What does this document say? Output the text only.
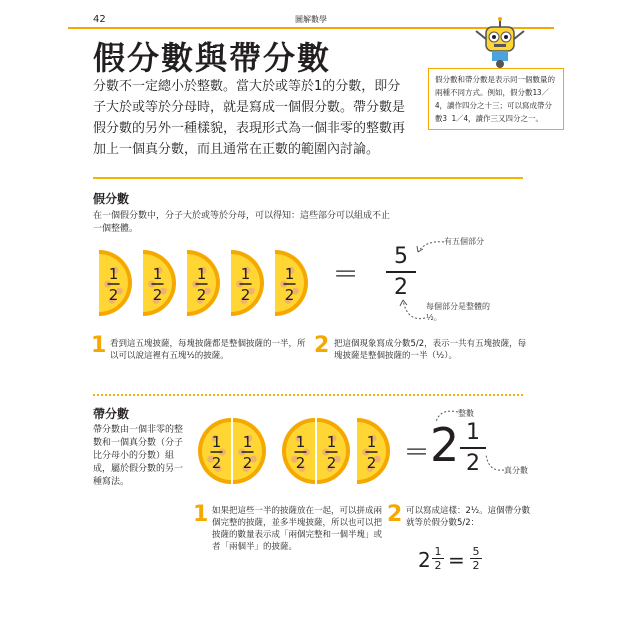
42	圖解數學
假分數與帶分數
分數不一定總小於整數。當大於或等於1的分數，即分子大於或等於分母時，就是寫成一個假分數。帶分數是假分數的另外一種樣貌，表現形式為一個非零的整數再加上一個真分數，而且通常在正數的範圍內討論。
假分數和帶分數是表示同一個數量的兩種不同方式。例如，假分數13／4，讀作四分之十三；可以寫成帶分數3 1／4，讀作三又四分之一。
假分數
在一個假分數中，分子大於或等於分母，可以得知：這些部分可以組成不止一個整體。
1
2
1
2
1
2
1
2
1
2
=	5
2
有五個部分
每個部分是整體的½。
1 看到這五塊披薩，每塊披薩都是整個披薩的一半，所以可以說這裡有五塊½的披薩。	2 把這個現象寫成分數5/2，表示一共有五塊披薩，每塊披薩是整個披薩的一半（½）。
帶分數
帶分數由一個非零的整數和一個真分數（分子比分母小的分數）組成，屬於假分數的另一種寫法。
1
2
1
2
1
2
1
2
1
2 = 2 1
2
整數
真分數
1 如果把這些一半的披薩放在一起，可以拼成兩個完整的披薩，並多半塊披薩，所以也可以把披薩的數量表示成「兩個完整和一個半塊」或者「兩個半」的披薩。
2 可以寫成這樣：2½。這個帶分數就等於假分數5/2：
2 1
2 = 5
2
